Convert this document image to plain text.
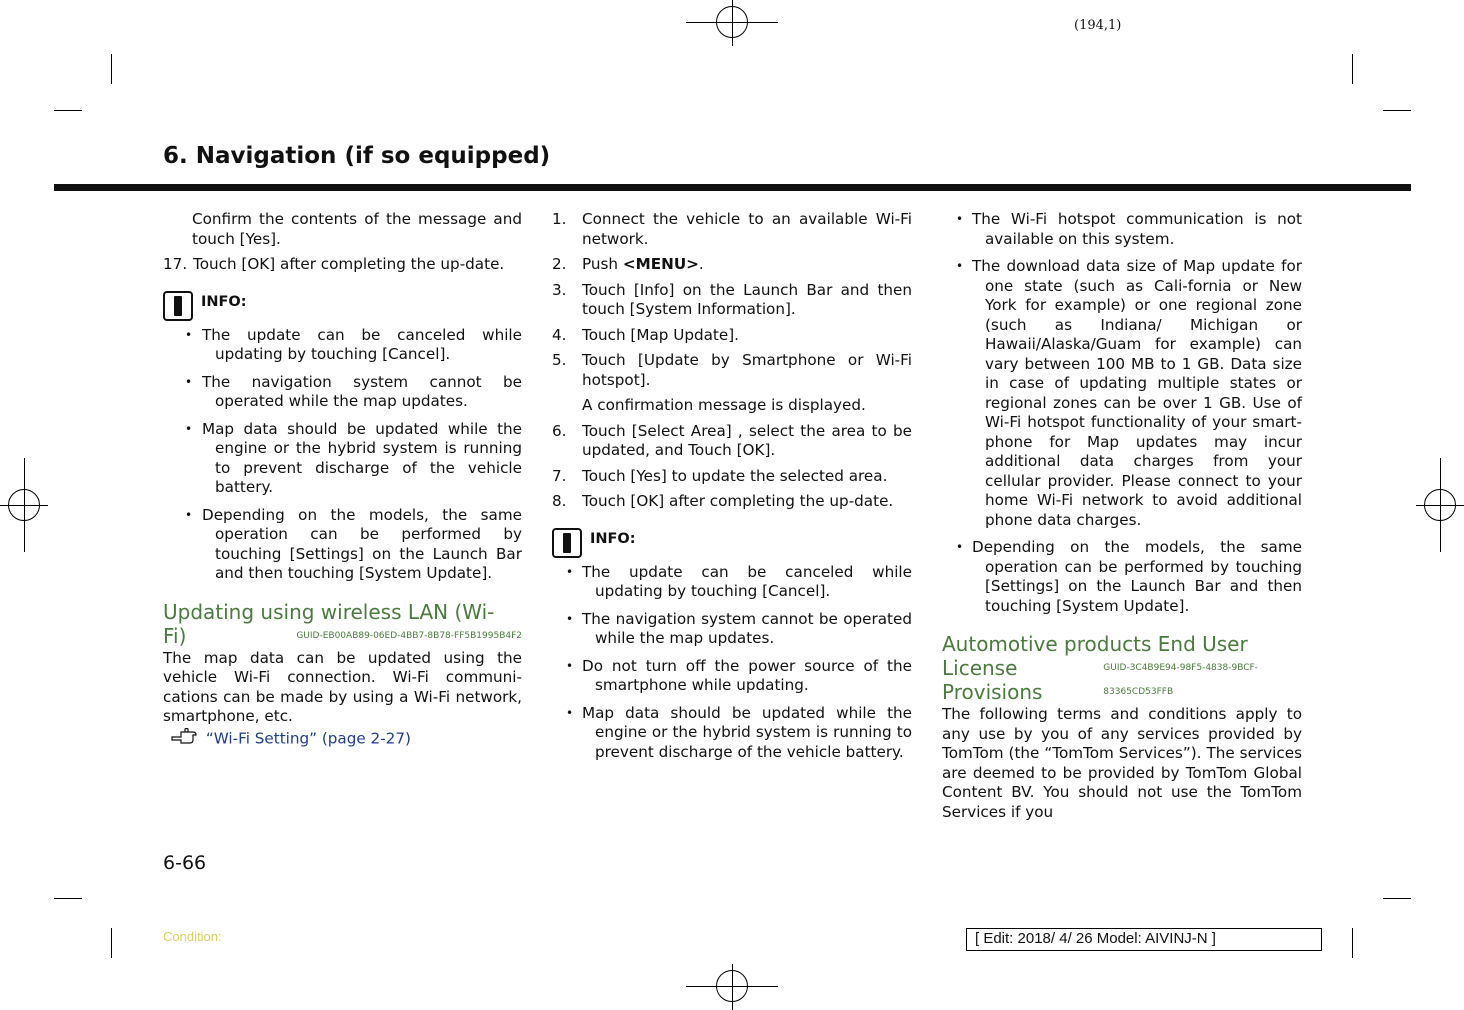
(194,1)
6. Navigation (if so equipped)

Confirm the contents of the message and touch [Yes].

17. Touch [OK] after completing the up-date.
INFO:

• The update can be canceled while updating by touching [Cancel].

• The navigation system cannot be operated while the map updates.

• Map data should be updated while the engine or the hybrid system is running to prevent discharge of the vehicle battery.

• Depending on the models, the same operation can be performed by touching [Settings] on the Launch Bar and then touching [System Update].

Updating using wireless LAN (Wi-
Fi)	GUID-EB00AB89-06ED-4BB7-8B78-FF5B1995B4F2

The map data can be updated using the vehicle Wi-Fi connection. Wi-Fi communi-cations can be made by using a Wi-Fi network, smartphone, etc.

“Wi-Fi Setting” (page 2-27)
1. Connect the vehicle to an available Wi-Fi network.
2. Push <MENU>.
3. Touch [Info] on the Launch Bar and then touch [System Information].
4. Touch [Map Update].
5. Touch [Update by Smartphone or Wi-Fi hotspot].
A confirmation message is displayed.
6. Touch [Select Area] , select the area to be updated, and Touch [OK].
7. Touch [Yes] to update the selected area.
8. Touch [OK] after completing the up-date.
INFO:

• The update can be canceled while updating by touching [Cancel].

• The navigation system cannot be operated while the map updates.

• Do not turn off the power source of the smartphone while updating.

• Map data should be updated while the engine or the hybrid system is running to prevent discharge of the vehicle battery.

• The Wi-Fi hotspot communication is not available on this system.

• The download data size of Map update for one state (such as Cali-fornia or New York for example) or one regional zone (such as Indiana/ Michigan or Hawaii/Alaska/Guam for example) can vary between 100 MB to 1 GB. Data size in case of updating multiple states or regional zones can be over 1 GB. Use of Wi-Fi hotspot functionality of your smart-phone for Map updates may incur additional data charges from your cellular provider. Please connect to your home Wi-Fi network to avoid additional phone data charges.

• Depending on the models, the same operation can be performed by touching [Settings] on the Launch Bar and then touching [System Update].

Automotive products End User
License Provisions
GUID-3C4B9E94-98F5-4838-9BCF-83365CD53FFB

The following terms and conditions apply to any use by you of any services provided by TomTom (the “TomTom Services”). The services are deemed to be provided by TomTom Global Content BV. You should not use the TomTom Services if you

6-66
Condition:	[ Edit: 2018/ 4/ 26 Model: AIVINJ-N ]
